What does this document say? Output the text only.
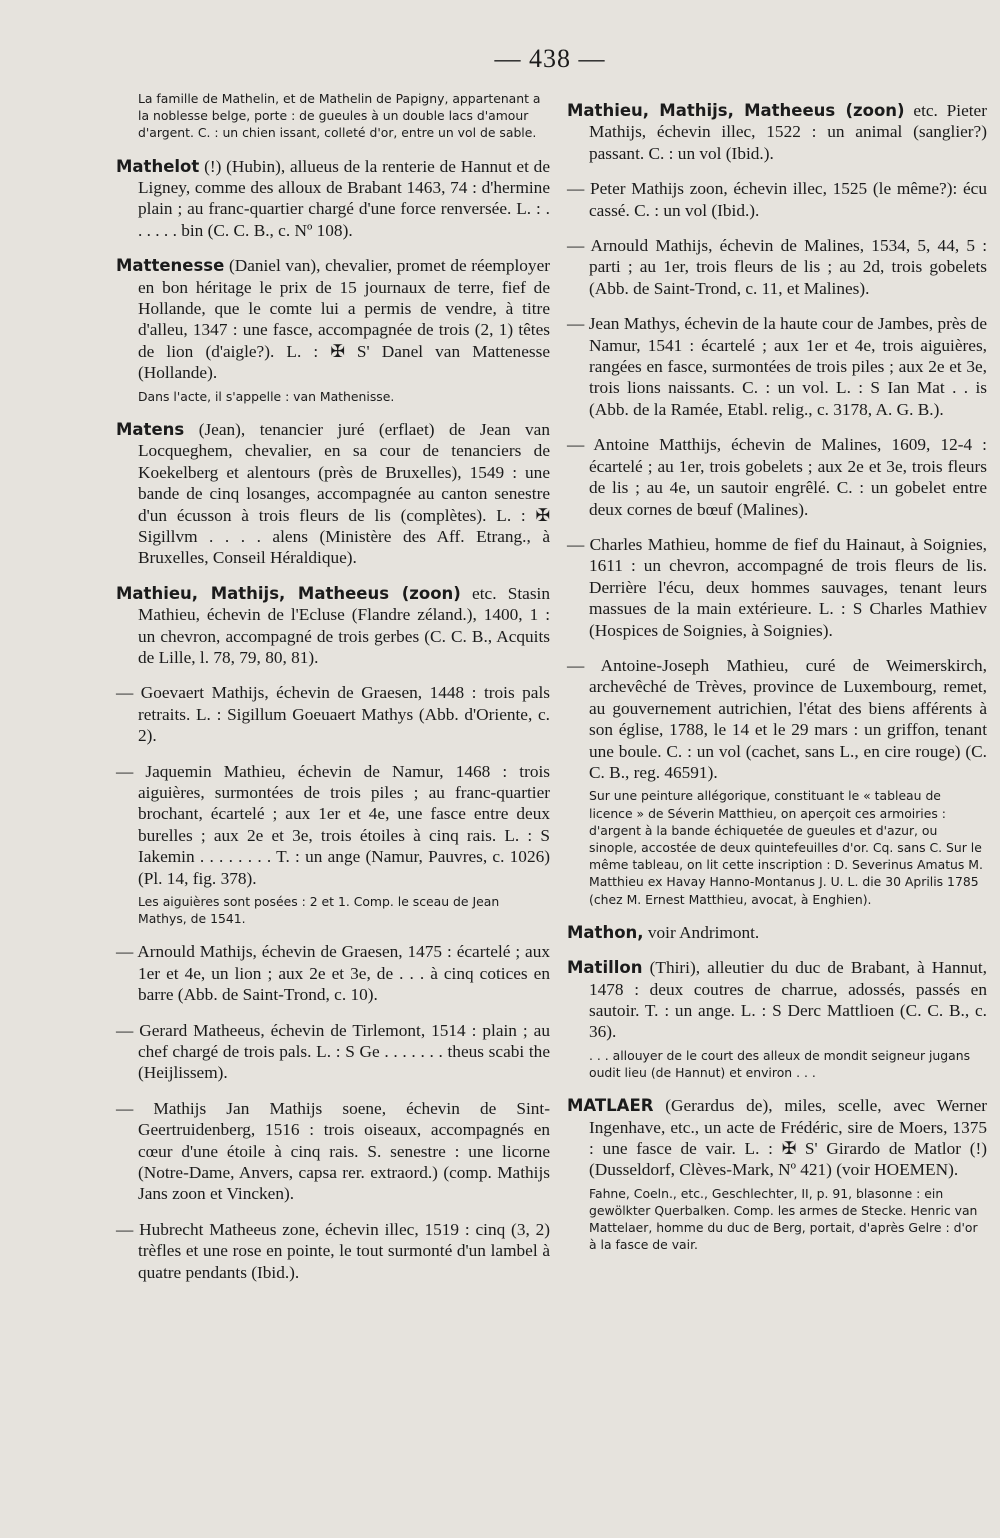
— 438 —
La famille de Mathelin, et de Mathelin de Papigny, appartenant a la noblesse belge, porte : de gueules à un double lacs d'amour d'argent. C. : un chien issant, colleté d'or, entre un vol de sable.
Mathelot (!) (Hubin), allueus de la renterie de Hannut et de Ligney, comme des alloux de Brabant 1463, 74 : d'hermine plain ; au franc-quartier chargé d'une force renversée. L. : . . . . . . bin (C. C. B., c. Nº 108).
Mattenesse (Daniel van), chevalier, promet de réemployer en bon héritage le prix de 15 journaux de terre, fief de Hollande, que le comte lui a permis de vendre, à titre d'alleu, 1347 : une fasce, accompagnée de trois (2, 1) têtes de lion (d'aigle?). L. : ✠ S' Danel van Mattenesse (Hollande).
Dans l'acte, il s'appelle : van Mathenisse.
Matens (Jean), tenancier juré (erflaet) de Jean van Locqueghem, chevalier, en sa cour de tenanciers de Koekelberg et alentours (près de Bruxelles), 1549 : une bande de cinq losanges, accompagnée au canton senestre d'un écusson à trois fleurs de lis (complètes). L. : ✠ Sigillvm . . . . alens (Ministère des Aff. Etrang., à Bruxelles, Conseil Héraldique).
Mathieu, Mathijs, Matheeus (zoon) etc. Stasin Mathieu, échevin de l'Ecluse (Flandre zéland.), 1400, 1 : un chevron, accompagné de trois gerbes (C. C. B., Acquits de Lille, l. 78, 79, 80, 81).
— Goevaert Mathijs, échevin de Graesen, 1448 : trois pals retraits. L. : Sigillum Goeuaert Mathys (Abb. d'Oriente, c. 2).
— Jaquemin Mathieu, échevin de Namur, 1468 : trois aiguières, surmontées de trois piles ; au franc-quartier brochant, écartelé ; aux 1er et 4e, une fasce entre deux burelles ; aux 2e et 3e, trois étoiles à cinq rais. L. : S Iakemin . . . . . . . . T. : un ange (Namur, Pauvres, c. 1026) (Pl. 14, fig. 378).
Les aiguières sont posées : 2 et 1. Comp. le sceau de Jean Mathys, de 1541.
— Arnould Mathijs, échevin de Graesen, 1475 : écartelé ; aux 1er et 4e, un lion ; aux 2e et 3e, de . . . à cinq cotices en barre (Abb. de Saint-Trond, c. 10).
— Gerard Matheeus, échevin de Tirlemont, 1514 : plain ; au chef chargé de trois pals. L. : S Ge . . . . . . . theus scabi the (Heijlissem).
— Mathijs Jan Mathijs soene, échevin de Sint-Geertruidenberg, 1516 : trois oiseaux, accompagnés en cœur d'une étoile à cinq rais. S. senestre : une licorne (Notre-Dame, Anvers, capsa rer. extraord.) (comp. Mathijs Jans zoon et Vincken).
— Hubrecht Matheeus zone, échevin illec, 1519 : cinq (3, 2) trèfles et une rose en pointe, le tout surmonté d'un lambel à quatre pendants (Ibid.).
Mathieu, Mathijs, Matheeus (zoon) etc. Pieter Mathijs, échevin illec, 1522 : un animal (sanglier?) passant. C. : un vol (Ibid.).
— Peter Mathijs zoon, échevin illec, 1525 (le même?): écu cassé. C. : un vol (Ibid.).
— Arnould Mathijs, échevin de Malines, 1534, 5, 44, 5 : parti ; au 1er, trois fleurs de lis ; au 2d, trois gobelets (Abb. de Saint-Trond, c. 11, et Malines).
— Jean Mathys, échevin de la haute cour de Jambes, près de Namur, 1541 : écartelé ; aux 1er et 4e, trois aiguières, rangées en fasce, surmontées de trois piles ; aux 2e et 3e, trois lions naissants. C. : un vol. L. : S Ian Mat . . is (Abb. de la Ramée, Etabl. relig., c. 3178, A. G. B.).
— Antoine Matthijs, échevin de Malines, 1609, 12-4 : écartelé ; au 1er, trois gobelets ; aux 2e et 3e, trois fleurs de lis ; au 4e, un sautoir engrêlé. C. : un gobelet entre deux cornes de bœuf (Malines).
— Charles Mathieu, homme de fief du Hainaut, à Soignies, 1611 : un chevron, accompagné de trois fleurs de lis. Derrière l'écu, deux hommes sauvages, tenant leurs massues de la main extérieure. L. : S Charles Mathiev (Hospices de Soignies, à Soignies).
— Antoine-Joseph Mathieu, curé de Weimerskirch, archevêché de Trèves, province de Luxembourg, remet, au gouvernement autrichien, l'état des biens afférents à son église, 1788, le 14 et le 29 mars : un griffon, tenant une boule. C. : un vol (cachet, sans L., en cire rouge) (C. C. B., reg. 46591).
Sur une peinture allégorique, constituant le « tableau de licence » de Séverin Matthieu, on aperçoit ces armoiries : d'argent à la bande échiquetée de gueules et d'azur, ou sinople, accostée de deux quintefeuilles d'or. Cq. sans C. Sur le même tableau, on lit cette inscription : D. Severinus Amatus M. Matthieu ex Havay Hanno-Montanus J. U. L. die 30 Aprilis 1785 (chez M. Ernest Matthieu, avocat, à Enghien).
Mathon, voir Andrimont.
Matillon (Thiri), alleutier du duc de Brabant, à Hannut, 1478 : deux coutres de charrue, adossés, passés en sautoir. T. : un ange. L. : S Derc Mattlioen (C. C. B., c. 36).
. . . allouyer de le court des alleux de mondit seigneur jugans oudit lieu (de Hannut) et environ . . .
MATLAER (Gerardus de), miles, scelle, avec Werner Ingenhave, etc., un acte de Frédéric, sire de Moers, 1375 : une fasce de vair. L. : ✠ S' Girardo de Matlor (!) (Dusseldorf, Clèves-Mark, Nº 421) (voir HOEMEN).
Fahne, Coeln., etc., Geschlechter, II, p. 91, blasonne : ein gewölkter Querbalken. Comp. les armes de Stecke. Henric van Mattelaer, homme du duc de Berg, portait, d'après Gelre : d'or à la fasce de vair.
